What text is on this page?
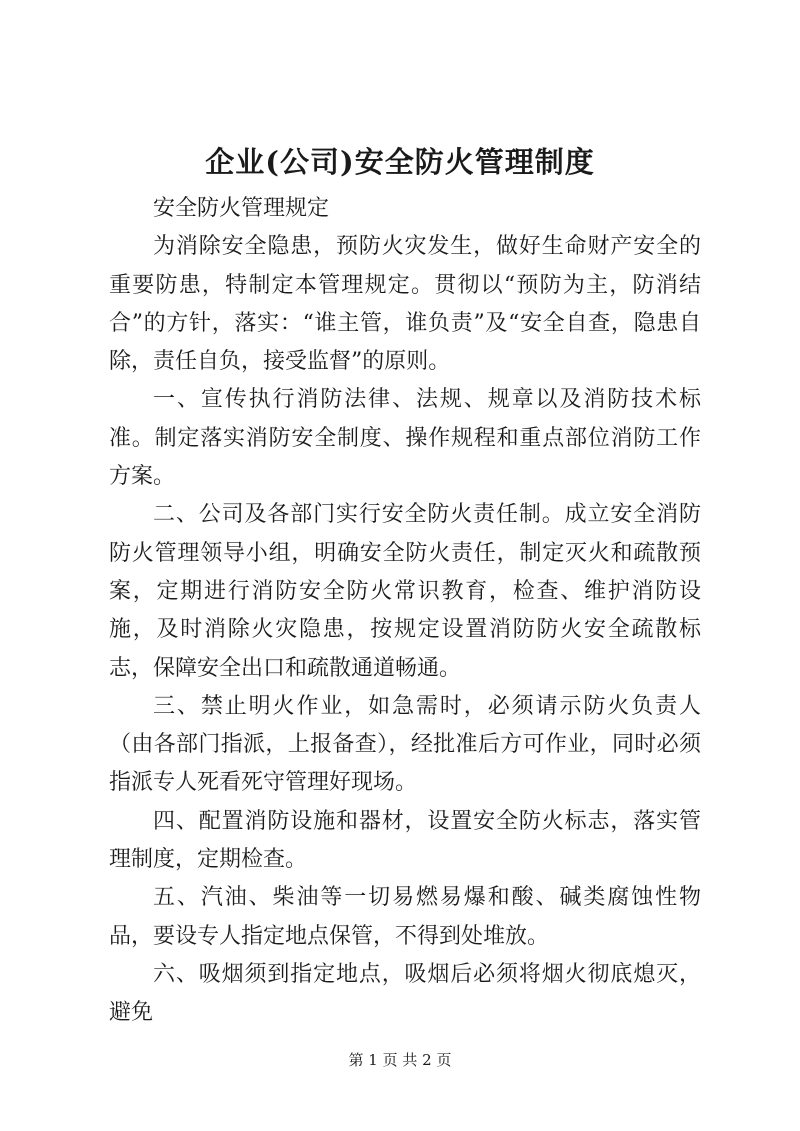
企业(公司)安全防火管理制度

安全防火管理规定

为消除安全隐患，预防火灾发生，做好生命财产安全的重要防患，特制定本管理规定。贯彻以“预防为主，防消结合”的方针，落实：“谁主管，谁负责”及“安全自查，隐患自除，责任自负，接受监督”的原则。

一、宣传执行消防法律、法规、规章以及消防技术标准。制定落实消防安全制度、操作规程和重点部位消防工作方案。

二、公司及各部门实行安全防火责任制。成立安全消防防火管理领导小组，明确安全防火责任，制定灭火和疏散预案，定期进行消防安全防火常识教育，检查、维护消防设施，及时消除火灾隐患，按规定设置消防防火安全疏散标志，保障安全出口和疏散通道畅通。

三、禁止明火作业，如急需时，必须请示防火负责人（由各部门指派，上报备查），经批准后方可作业，同时必须指派专人死看死守管理好现场。

四、配置消防设施和器材，设置安全防火标志，落实管理制度，定期检查。

五、汽油、柴油等一切易燃易爆和酸、碱类腐蚀性物品，要设专人指定地点保管，不得到处堆放。

六、吸烟须到指定地点，吸烟后必须将烟火彻底熄灭，避免

第 1 页 共 2 页
